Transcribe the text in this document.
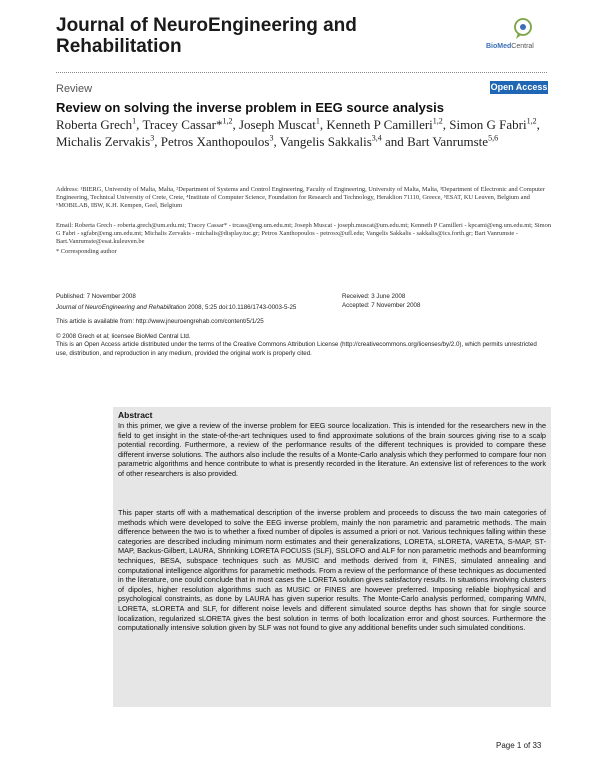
Journal of NeuroEngineering and Rehabilitation	BioMedCentral
Review	Open Access
Review on solving the inverse problem in EEG source analysis
Roberta Grech$^1$, Tracey Cassar*$^{1,2}$, Joseph Muscat$^1$, Kenneth P Camilleri$^{1,2}$, Simon G Fabri$^{1,2}$, Michalis Zervakis$^3$, Petros Xanthopoulos$^3$, Vangelis Sakkalis$^{3,4}$ and Bart Vanrumste$^{5,6}$
Address: ¹BIERG, University of Malta, Malta, ²Department of Systems and Control Engineering, Faculty of Engineering, University of Malta, Malta, ³Department of Electronic and Computer Engineering, Technical University of Crete, Crete, ⁴Institute of Computer Science, Foundation for Research and Technology, Heraklion 71110, Greece, ⁵ESAT, KU Leuven, Belgium and ⁶MOBILAB, IBW, K.H. Kempen, Geel, Belgium
Email: Roberta Grech - roberta.grech@um.edu.mt; Tracey Cassar* - trcass@eng.um.edu.mt; Joseph Muscat - joseph.muscat@um.edu.mt; Kenneth P Camilleri - kpcami@eng.um.edu.mt; Simon G Fabri - sgfabr@eng.um.edu.mt; Michalis Zervakis - michalis@display.tuc.gr; Petros Xanthopoulos - petrosx@ufl.edu; Vangelis Sakkalis - sakkalis@ics.forth.gr; Bart Vanrumste - Bart.Vanrumste@esat.kuleuven.be
* Corresponding author
Published: 7 November 2008
Journal of NeuroEngineering and Rehabilitation 2008, 5:25 doi:10.1186/1743-0003-5-25
Received: 3 June 2008
Accepted: 7 November 2008
This article is available from: http://www.jneuroengrehab.com/content/5/1/25
© 2008 Grech et al; licensee BioMed Central Ltd.
This is an Open Access article distributed under the terms of the Creative Commons Attribution License (http://creativecommons.org/licenses/by/2.0), which permits unrestricted use, distribution, and reproduction in any medium, provided the original work is properly cited.
Abstract
In this primer, we give a review of the inverse problem for EEG source localization. This is intended for the researchers new in the field to get insight in the state-of-the-art techniques used to find approximate solutions of the brain sources giving rise to a scalp potential recording. Furthermore, a review of the performance results of the different techniques is provided to compare these different inverse solutions. The authors also include the results of a Monte-Carlo analysis which they performed to compare four non parametric algorithms and hence contribute to what is presently recorded in the literature. An extensive list of references to the work of other researchers is also provided.
This paper starts off with a mathematical description of the inverse problem and proceeds to discuss the two main categories of methods which were developed to solve the EEG inverse problem, mainly the non parametric and parametric methods. The main difference between the two is to whether a fixed number of dipoles is assumed a priori or not. Various techniques falling within these categories are described including minimum norm estimates and their generalizations, LORETA, sLORETA, VARETA, S-MAP, ST-MAP, Backus-Gilbert, LAURA, Shrinking LORETA FOCUSS (SLF), SSLOFO and ALF for non parametric methods and beamforming techniques, BESA, subspace techniques such as MUSIC and methods derived from it, FINES, simulated annealing and computational intelligence algorithms for parametric methods. From a review of the performance of these techniques as documented in the literature, one could conclude that in most cases the LORETA solution gives satisfactory results. In situations involving clusters of dipoles, higher resolution algorithms such as MUSIC or FINES are however preferred. Imposing reliable biophysical and psychological constraints, as done by LAURA has given superior results. The Monte-Carlo analysis performed, comparing WMN, LORETA, sLORETA and SLF, for different noise levels and different simulated source depths has shown that for single source localization, regularized sLORETA gives the best solution in terms of both localization error and ghost sources. Furthermore the computationally intensive solution given by SLF was not found to give any additional benefits under such simulated conditions.
Page 1 of 33
